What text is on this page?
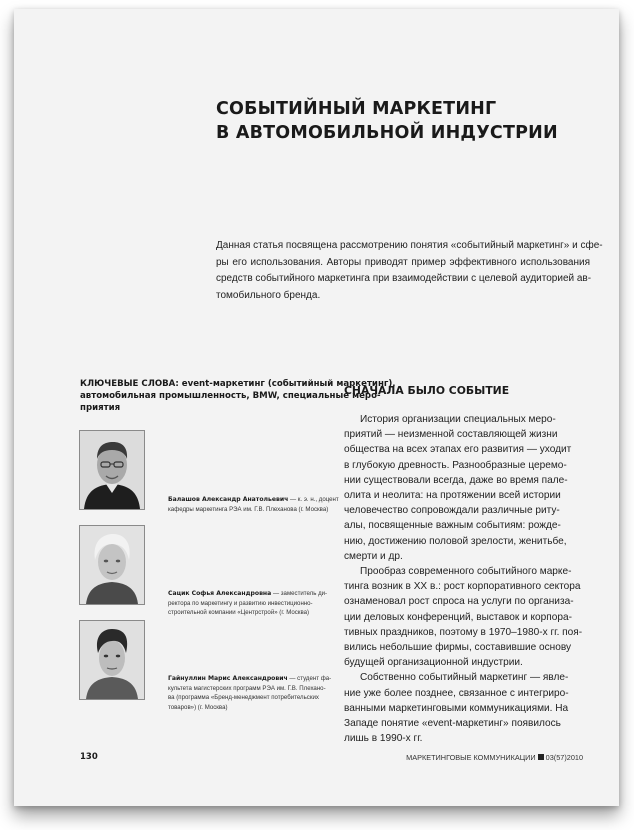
СОБЫТИЙНЫЙ МАРКЕТИНГ
В АВТОМОБИЛЬНОЙ ИНДУСТРИИ
Данная статья посвящена рассмотрению понятия «событийный маркетинг» и сфе-
ры его использования. Авторы приводят пример эффективного использования
средств событийного маркетинга при взаимодействии с целевой аудиторией ав-
томобильного бренда.
КЛЮЧЕВЫЕ СЛОВА: event-маркетинг (событийный маркетинг),
автомобильная промышленность, BMW, специальные меро-
приятия
Балашов Александр Анатольевич — к. э. н., доцент
кафедры маркетинга РЭА им. Г.В. Плеханова (г. Москва)
Сацик Софья Александровна — заместитель ди-
ректора по маркетингу и развитию инвестиционно-
строительной компании «Центрстрой» (г. Москва)
Гайнуллин Марис Александрович — студент фа-
культета магистерских программ РЭА им. Г.В. Плехано-
ва (программа «Бренд-менеджмент потребительских
товаров») (г. Москва)
СНАЧАЛА БЫЛО СОБЫТИЕ
История организации специальных меро-
приятий — неизменной составляющей жизни
общества на всех этапах его развития — уходит
в глубокую древность. Разнообразные церемо-
нии существовали всегда, даже во время пале-
олита и неолита: на протяжении всей истории
человечество сопровождали различные риту-
алы, посвященные важным событиям: рожде-
нию, достижению половой зрелости, женитьбе,
смерти и др.
Прообраз современного событийного марке-
тинга возник в ХХ в.: рост корпоративного сектора
ознаменовал рост спроса на услуги по организа-
ции деловых конференций, выставок и корпора-
тивных праздников, поэтому в 1970–1980-х гг. поя-
вились небольшие фирмы, составившие основу
будущей организационной индустрии.
Собственно событийный маркетинг — явле-
ние уже более позднее, связанное с интегриро-
ванными маркетинговыми коммуникациями. На
Западе понятие «event-маркетинг» появилось
лишь в 1990-х гг.
130	МАРКЕТИНГОВЫЕ КОММУНИКАЦИИ 03(57)2010
